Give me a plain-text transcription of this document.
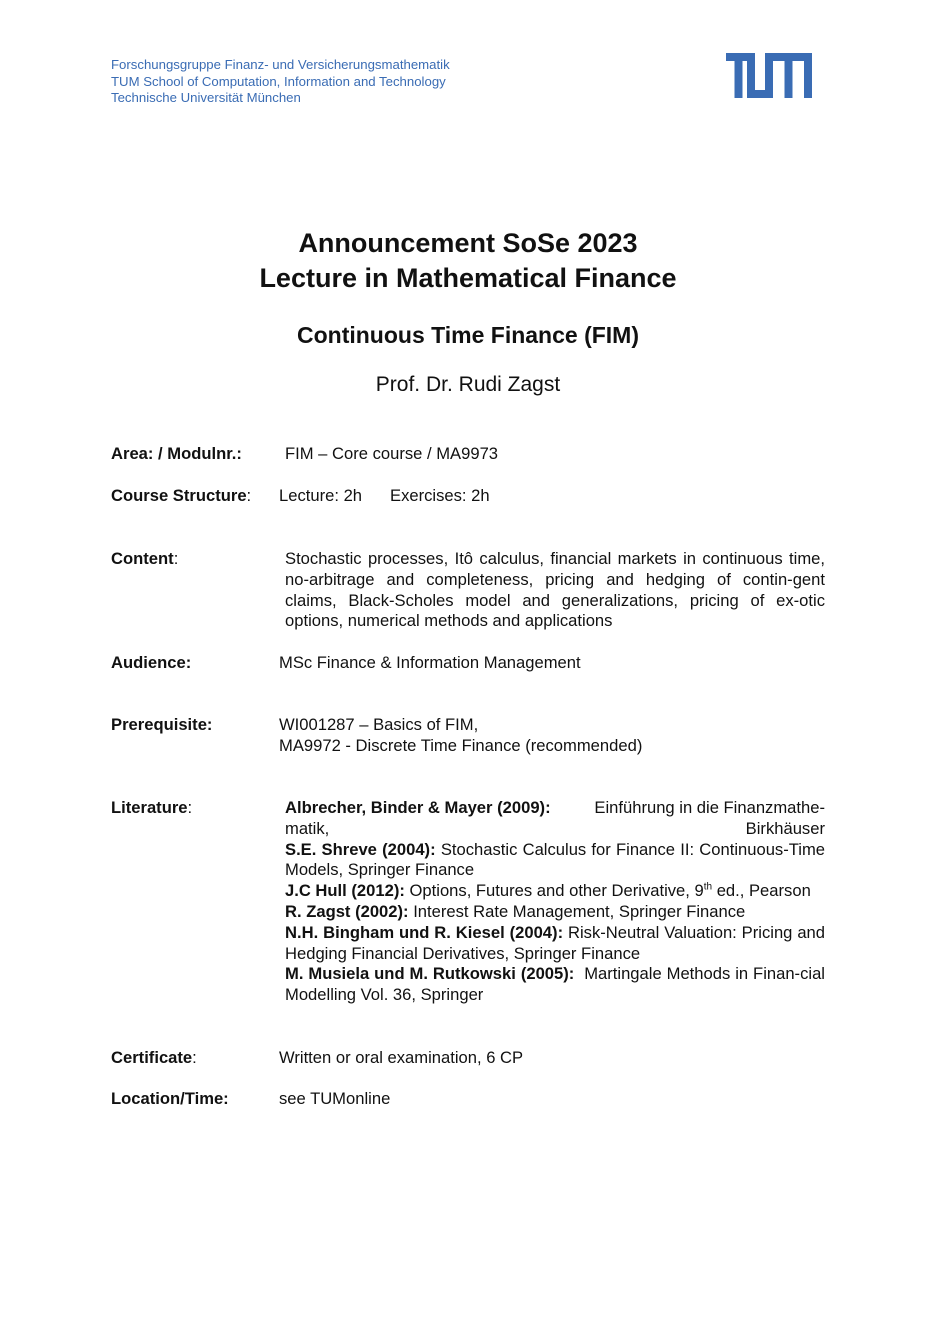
Forschungsgruppe Finanz- und Versicherungsmathematik
TUM School of Computation, Information and Technology
Technische Universität München
Announcement SoSe 2023
Lecture in Mathematical Finance
Continuous Time Finance (FIM)
Prof. Dr. Rudi Zagst
Area: / Modulnr.:	FIM – Core course / MA9973
Course Structure: Lecture: 2h Exercises: 2h
Content:	Stochastic processes, Itô calculus, financial markets in continuous time, no-arbitrage and completeness, pricing and hedging of contin-gent claims, Black-Scholes model and generalizations, pricing of ex-otic options, numerical methods and applications
Audience:	MSc Finance & Information Management
Prerequisite:	WI001287 – Basics of FIM,
MA9972 - Discrete Time Finance (recommended)
Literature:	Albrecher, Binder & Mayer (2009):	Einführung in die Finanzmathe-
matik,	Birkhäuser
S.E. Shreve (2004): Stochastic Calculus for Finance II: Continuous-Time Models, Springer Finance
J.C Hull (2012): Options, Futures and other Derivative, 9th ed., Pearson
R. Zagst (2002): Interest Rate Management, Springer Finance
N.H. Bingham und R. Kiesel (2004): Risk-Neutral Valuation: Pricing and Hedging Financial Derivatives, Springer Finance
M. Musiela und M. Rutkowski (2005): Martingale Methods in Finan-cial Modelling Vol. 36, Springer
Certificate:	Written or oral examination, 6 CP
Location/Time:	see TUMonline
